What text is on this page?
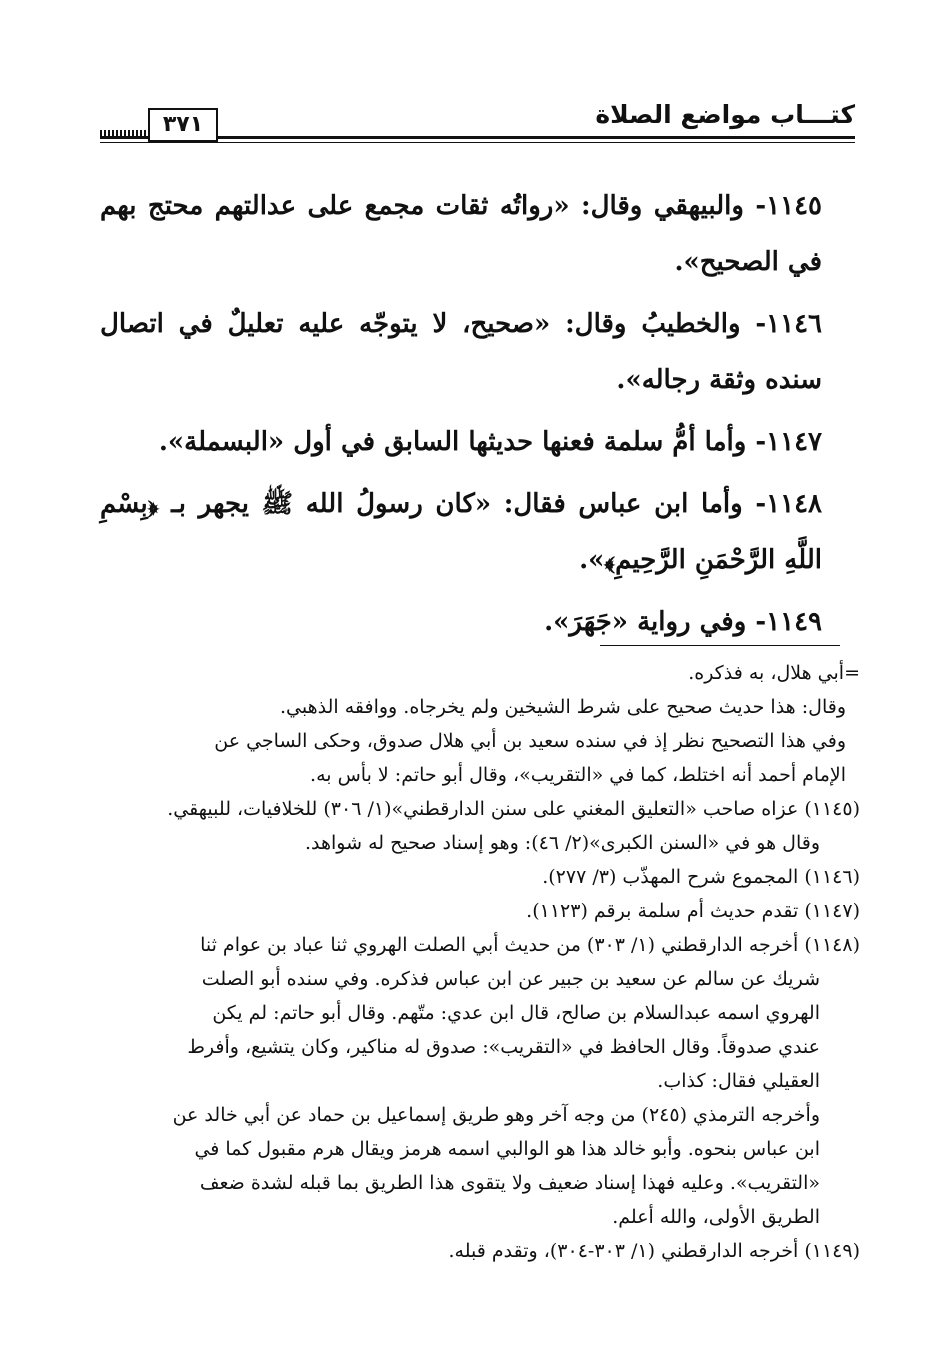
كتـــاب مواضع الصلاة
٣٧١

١١٤٥- والبيهقي وقال: «رواتُه ثقات مجمع على عدالتهم محتج بهم في الصحيح».

١١٤٦- والخطيبُ وقال: «صحيح، لا يتوجّه عليه تعليلٌ في اتصال سنده وثقة رجاله».

١١٤٧- وأما أمُّ سلمة فعنها حديثها السابق في أول «البسملة».

١١٤٨- وأما ابن عباس فقال: «كان رسولُ الله ﷺ يجهر بـ ﴿بِسْمِ اللَّهِ الرَّحْمَنِ الرَّحِيمِ﴾».

١١٤٩- وفي رواية «جَهَرَ».

=أبي هلال، به فذكره.
وقال: هذا حديث صحيح على شرط الشيخين ولم يخرجاه. ووافقه الذهبي.
وفي هذا التصحيح نظر إذ في سنده سعيد بن أبي هلال صدوق، وحكى الساجي عن
الإمام أحمد أنه اختلط، كما في «التقريب»، وقال أبو حاتم: لا بأس به.
(١١٤٥) عزاه صاحب «التعليق المغني على سنن الدارقطني»(١/ ٣٠٦) للخلافيات، للبيهقي.
وقال هو في «السنن الكبرى»(٢/ ٤٦): وهو إسناد صحيح له شواهد.
(١١٤٦) المجموع شرح المهذّب (٣/ ٢٧٧).
(١١٤٧) تقدم حديث أم سلمة برقم (١١٢٣).
(١١٤٨) أخرجه الدارقطني (١/ ٣٠٣) من حديث أبي الصلت الهروي ثنا عباد بن عوام ثنا
شريك عن سالم عن سعيد بن جبير عن ابن عباس فذكره. وفي سنده أبو الصلت
الهروي اسمه عبدالسلام بن صالح، قال ابن عدي: متّهم. وقال أبو حاتم: لم يكن
عندي صدوقاً. وقال الحافظ في «التقريب»: صدوق له مناكير، وكان يتشيع، وأفرط
العقيلي فقال: كذاب.
وأخرجه الترمذي (٢٤٥) من وجه آخر وهو طريق إسماعيل بن حماد عن أبي خالد عن
ابن عباس بنحوه. وأبو خالد هذا هو الوالبي اسمه هرمز ويقال هرم مقبول كما في
«التقريب». وعليه فهذا إسناد ضعيف ولا يتقوى هذا الطريق بما قبله لشدة ضعف
الطريق الأولى، والله أعلم.
(١١٤٩) أخرجه الدارقطني (١/ ٣٠٣-٣٠٤)، وتقدم قبله.
